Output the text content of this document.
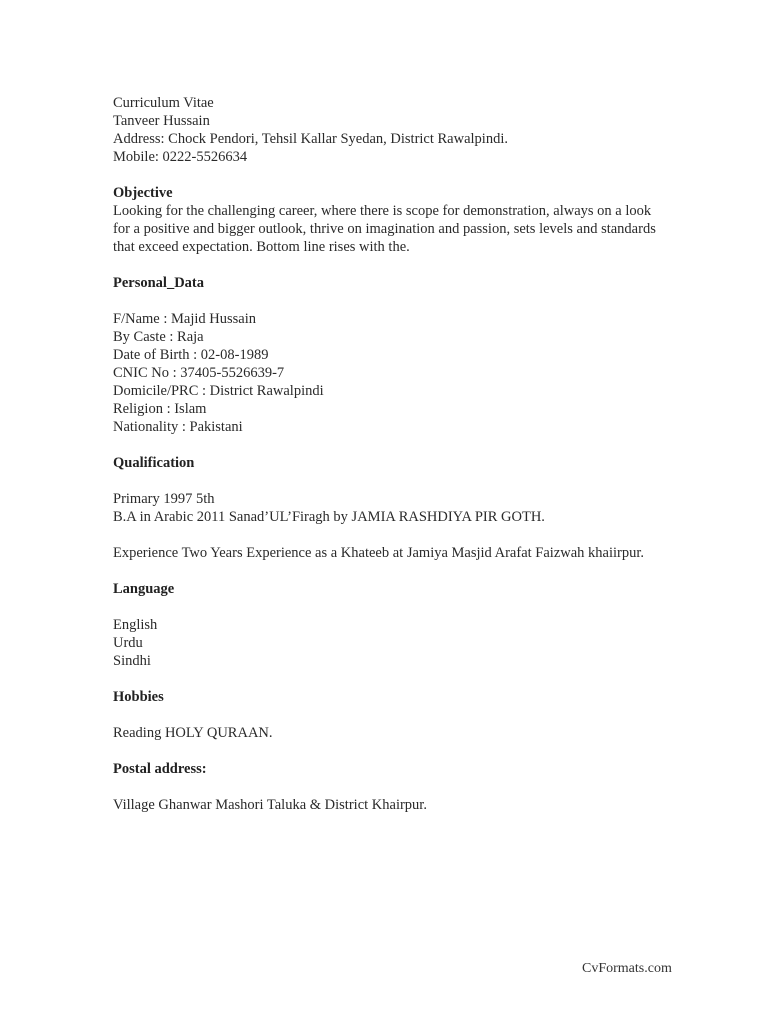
Curriculum Vitae
Tanveer Hussain
Address: Chock Pendori, Tehsil Kallar Syedan, District Rawalpindi.
Mobile: 0222-5526634
Objective
Looking for the challenging career, where there is scope for demonstration, always on a look
for a positive and bigger outlook, thrive on imagination and passion, sets levels and standards
that exceed expectation. Bottom line rises with the.
Personal_Data
F/Name : Majid Hussain
By Caste : Raja
Date of Birth : 02-08-1989
CNIC No : 37405-5526639-7
Domicile/PRC : District Rawalpindi
Religion : Islam
Nationality : Pakistani
Qualification
Primary 1997 5th
B.A in Arabic 2011 Sanad’UL’Firagh by JAMIA RASHDIYA PIR GOTH.
Experience Two Years Experience as a Khateeb at Jamiya Masjid Arafat Faizwah khaiirpur.
Language
English
Urdu
Sindhi
Hobbies
Reading HOLY QURAAN.
Postal address:
Village Ghanwar Mashori Taluka & District Khairpur.
CvFormats.com
